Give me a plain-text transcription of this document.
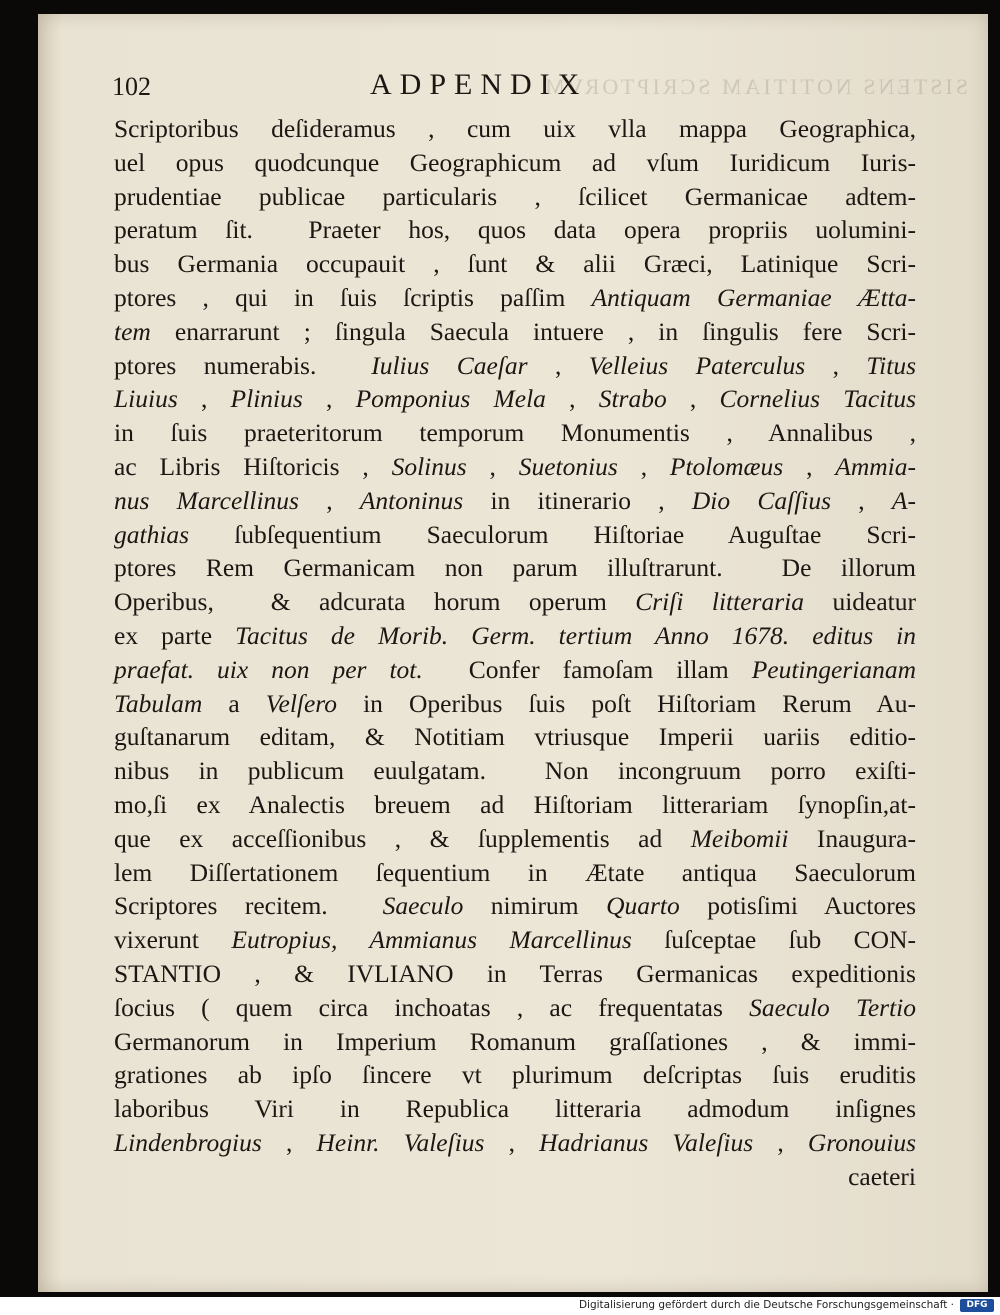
SISTENS NOTITIAM SCRIPTORVM
102	ADPENDIX
Scriptoribus deſideramus , cum uix vlla mappa Geographica,
uel opus quodcunque Geographicum ad vſum Iuridicum Iuris-
prudentiae publicae particularis , ſcilicet Germanicae adtem-
peratum ſit.  Praeter hos, quos data opera propriis uolumini-
bus Germania occupauit , ſunt & alii Græci, Latinique Scri-
ptores , qui in ſuis ſcriptis paſſim Antiquam Germaniae Ætta-
tem enarrarunt ; ſingula Saecula intuere , in ſingulis fere Scri-
ptores numerabis.  Iulius Caeſar , Velleius Paterculus , Titus
Liuius , Plinius , Pomponius Mela , Strabo , Cornelius Tacitus
in ſuis praeteritorum temporum Monumentis , Annalibus ,
ac Libris Hiſtoricis , Solinus , Suetonius , Ptolomæus , Ammia-
nus Marcellinus , Antoninus in itinerario , Dio Caſſius , A-
gathias ſubſequentium Saeculorum Hiſtoriae Auguſtae Scri-
ptores Rem Germanicam non parum illuſtrarunt.  De illorum
Operibus,  & adcurata horum operum Criſi litteraria uideatur
ex parte Tacitus de Morib. Germ. tertium Anno 1678. editus in
praefat. uix non per tot.  Confer famoſam illam Peutingerianam
Tabulam a Velſero in Operibus ſuis poſt Hiſtoriam Rerum Au-
guſtanarum editam, & Notitiam vtriusque Imperii uariis editio-
nibus in publicum euulgatam.  Non incongruum porro exiſti-
mo,ſi ex Analectis breuem ad Hiſtoriam litterariam ſynopſin,at-
que ex acceſſionibus , & ſupplementis ad Meibomii Inaugura-
lem Diſſertationem ſequentium in Ætate antiqua Saeculorum
Scriptores recitem.  Saeculo nimirum Quarto potisſimi Auctores
vixerunt Eutropius, Ammianus Marcellinus ſuſceptae ſub CON-
STANTIO , & IVLIANO in Terras Germanicas expeditionis
ſocius ( quem circa inchoatas , ac frequentatas Saeculo Tertio
Germanorum in Imperium Romanum graſſationes , & immi-
grationes ab ipſo ſincere vt plurimum deſcriptas ſuis eruditis
laboribus Viri in Republica litteraria admodum inſignes
Lindenbrogius , Heinr. Valeſius , Hadrianus Valeſius , Gronouius
caeteri
Digitalisierung gefördert durch die Deutsche Forschungsgemeinschaft ·	DFG
